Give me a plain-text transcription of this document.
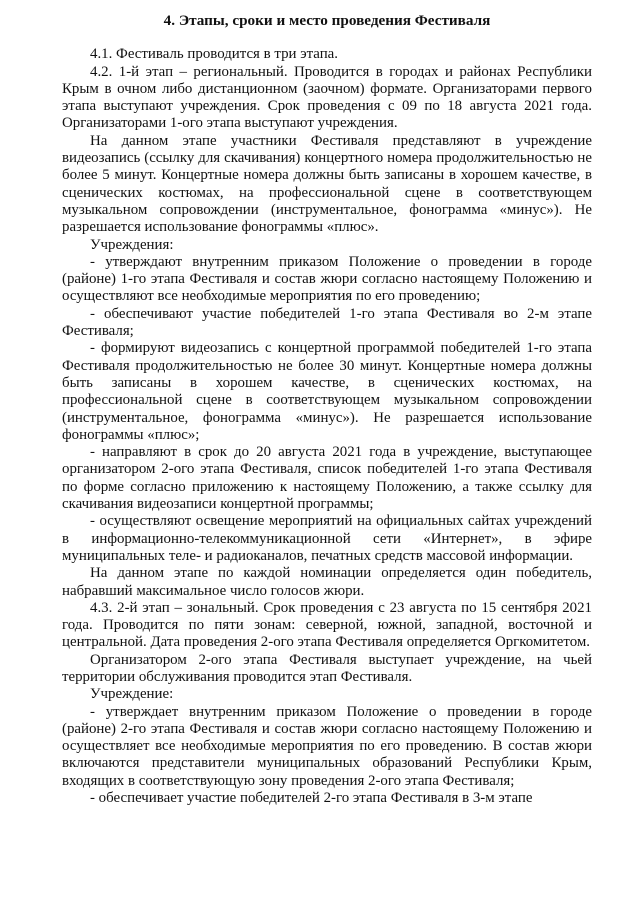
4. Этапы, сроки и место проведения Фестиваля
4.1. Фестиваль проводится в три этапа.
4.2. 1-й этап – региональный. Проводится в городах и районах Республики Крым в очном либо дистанционном (заочном) формате. Организаторами первого этапа выступают учреждения. Срок проведения с 09 по 18 августа 2021 года. Организаторами 1-ого этапа выступают учреждения.
На данном этапе участники Фестиваля представляют в учреждение видеозапись (ссылку для скачивания) концертного номера продолжительностью не более 5 минут. Концертные номера должны быть записаны в хорошем качестве, в сценических костюмах, на профессиональной сцене в соответствующем музыкальном сопровождении (инструментальное, фонограмма «минус»). Не разрешается использование фонограммы «плюс».
Учреждения:
- утверждают внутренним приказом Положение о проведении в городе (районе) 1-го этапа Фестиваля и состав жюри согласно настоящему Положению и осуществляют все необходимые мероприятия по его проведению;
- обеспечивают участие победителей 1-го этапа Фестиваля во 2-м этапе Фестиваля;
- формируют видеозапись с концертной программой победителей 1-го этапа Фестиваля продолжительностью не более 30 минут. Концертные номера должны быть записаны в хорошем качестве, в сценических костюмах, на профессиональной сцене в соответствующем музыкальном сопровождении (инструментальное, фонограмма «минус»). Не разрешается использование фонограммы «плюс»;
- направляют в срок до 20 августа 2021 года в учреждение, выступающее организатором 2-ого этапа Фестиваля, список победителей 1-го этапа Фестиваля по форме согласно приложению к настоящему Положению, а также ссылку для скачивания видеозаписи концертной программы;
- осуществляют освещение мероприятий на официальных сайтах учреждений в информационно-телекоммуникационной сети «Интернет», в эфире муниципальных теле- и радиоканалов, печатных средств массовой информации.
На данном этапе по каждой номинации определяется один победитель, набравший максимальное число голосов жюри.
4.3. 2-й этап – зональный. Срок проведения с 23 августа по 15 сентября 2021 года. Проводится по пяти зонам: северной, южной, западной, восточной и центральной. Дата проведения 2-ого этапа Фестиваля определяется Оргкомитетом.
Организатором 2-ого этапа Фестиваля выступает учреждение, на чьей территории обслуживания проводится этап Фестиваля.
Учреждение:
- утверждает внутренним приказом Положение о проведении в городе (районе) 2-го этапа Фестиваля и состав жюри согласно настоящему Положению и осуществляет все необходимые мероприятия по его проведению. В состав жюри включаются представители муниципальных образований Республики Крым, входящих в соответствующую зону проведения 2-ого этапа Фестиваля;
- обеспечивает участие победителей 2-го этапа Фестиваля в 3-м этапе
